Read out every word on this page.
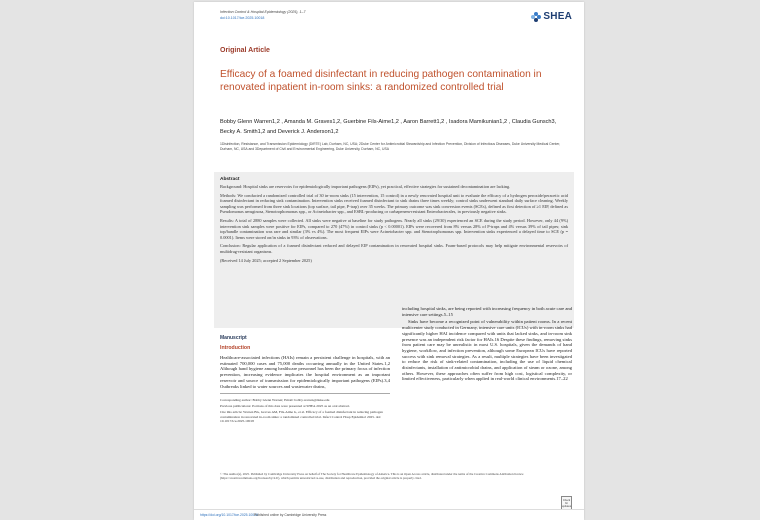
Infection Control & Hospital Epidemiology (2025), 1–7
doi:10.1017/ice.2025.10018	SHEA
Original Article
Efficacy of a foamed disinfectant in reducing pathogen contamination in renovated inpatient in-room sinks: a randomized controlled trial
Bobby Glenn Warren1,2 , Amanda M. Graves1,2, Guerbine Fils-Aime1,2 , Aaron Barrett1,2 , Isadora Mamikunian1,2 , Claudia Gunsch3, Becky A. Smith1,2 and Deverick J. Anderson1,2
1Disinfection, Resistance, and Transmission Epidemiology (DiRTE) Lab, Durham, NC, USA; 2Duke Center for Antimicrobial Stewardship and Infection Prevention, Division of Infectious Diseases, Duke University Medical Center, Durham, NC, USA and 3Department of Civil and Environmental Engineering, Duke University, Durham, NC, USA
Abstract

Background: Hospital sinks are reservoirs for epidemiologically important pathogens (EIPs), yet practical, effective strategies for sustained decontamination are lacking.

Methods: We conducted a randomized controlled trial of 30 in-room sinks (15 intervention, 15 control) in a newly renovated hospital unit to evaluate the efficacy of a hydrogen peroxide/peracetic acid foamed disinfectant in reducing sink contamination. Intervention sinks received foamed disinfectant to sink drains three times weekly; control sinks underwent standard daily surface cleaning. Weekly sampling was performed from three sink locations (top surface, tail pipe, P-trap) over 35 weeks. The primary outcome was sink conversion events (SCEs), defined as first detection of ≥1 EIP, defined as Pseudomonas aeruginosa, Stenotrophomonas spp., or Acinetobacter spp., and ESBL-producing or carbapenem-resistant Enterobacterales, in previously negative sinks.

Results: A total of 2880 samples were collected. All sinks were negative at baseline for study pathogens. Nearly all sinks (29/30) experienced an SCE during the study period. However, only 44 (9%) intervention sink samples were positive for EIPs, compared to 270 (47%) in control sinks (p < 0.00001). EIPs were recovered from 8% versus 28% of P-traps and 4% versus 39% of tail pipes; sink top/handle contamination was rare and similar (3% vs 4%). The most frequent EIPs were Acinetobacter spp. and Stenotrophomonas spp. Intervention sinks experienced a delayed time to SCE (p = 0.0001). Items were stored on/in sinks in 93% of observations.

Conclusion: Regular application of a foamed disinfectant reduced and delayed EIP contamination in renovated hospital sinks. Foam-based protocols may help mitigate environmental reservoirs of multidrug-resistant organisms.

(Received 14 July 2025; accepted 2 September 2025)

Manuscript
Introduction

Healthcare-associated infections (HAIs) remain a persistent challenge in hospitals, with an estimated 700,000 cases and 75,000 deaths occurring annually in the United States.1,2 Although hand hygiene among healthcare personnel has been the primary focus of infection prevention, increasing evidence implicates the hospital environment as an important reservoir and source of transmission for epidemiologically important pathogens (EIPs).3,4 Outbreaks linked to water sources and wastewater drains,

Corresponding author: Bobby Glenn Warren; Email: bobby.warren@duke.edu

Previous publications: Portions of this data were presented at SHEA 2025 as an oral abstract.

Cite this article: Warren BG, Graves AM, Fils-Aime G, et al. Efficacy of a foamed disinfectant in reducing pathogen contamination in renovated in-room sinks: a randomized controlled trial. Infect Control Hosp Epidemiol 2025. doi: 10.1017/ice.2025.10018

including hospital sinks, are being reported with increasing frequency in both acute care and intensive care settings.5–15

Sinks have become a recognized point of vulnerability within patient rooms. In a recent multicenter study conducted in Germany, intensive care units (ICUs) with in-room sinks had significantly higher HAI incidence compared with units that lacked sinks, and in-room sink presence was an independent risk factor for HAIs.16 Despite these findings, removing sinks from patient care may be unrealistic in most U.S. hospitals, given the demands of hand hygiene, workflow, and infection prevention, although some European ICUs have reported success with sink removal strategies. As a result, multiple strategies have been investigated to reduce the risk of sink-related contamination, including the use of liquid chemical disinfectants, installation of antimicrobial drains, and application of steam or ozone, among others. However, these approaches often suffer from high cost, logistical complexity, or limited effectiveness, particularly when applied in real-world clinical environments.17–22

© The Author(s), 2025. Published by Cambridge University Press on behalf of The Society for Healthcare Epidemiology of America. This is an Open Access article, distributed under the terms of the Creative Commons Attribution licence (https://creativecommons.org/licenses/by/4.0/), which permits unrestricted re-use, distribution and reproduction, provided the original article is properly cited.
Check for updates
https://doi.org/10.1017/ice.2025.10018
Published online by Cambridge University Press
